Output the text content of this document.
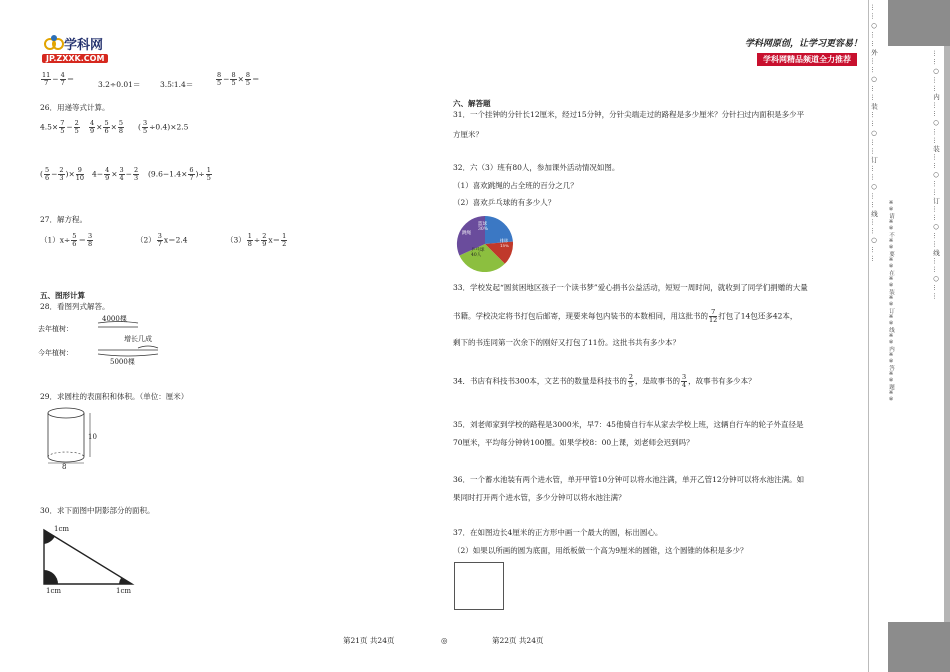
学科网
JP.ZXXK.COM
学科网原创，让学习更容易！
学科网精品频道全力推荐
$\frac{11}{7} - \frac{4}{7}$ ＝
3.2÷0.01＝	3.5∶1.4＝	$\frac{8}{5} - \frac{8}{5} \times \frac{8}{5}$ ＝
26．用递等式计算。
$4.5\times \frac{7}{5} - \frac{2}{5} \frac{4}{9} \times \frac{5}{6} \times \frac{5}{8}$ ( $\frac{3}{5} \div 0.4)\times 2.5$
( $\frac{5}{6} - \frac{2}{3}$ )× $\frac{9}{10} 4- \frac{4}{9} \times \frac{3}{4} - \frac{2}{3} (9.6-1.4\times \frac{6}{7}$ )÷ $\frac{1}{5}$
27．解方程。
$(1)x\div \frac{5}{6} = \frac{3}{8}$	$(2) \frac{3}{7} x=2.4$	$(3) \frac{1}{8} \div \frac{2}{9} x= \frac{1}{2}$
五、图形计算
28．看图列式解答。
去年植树：
4000棵
今年植树：
增长几成
5000棵
29．求圆柱的表面积和体积。（单位：厘米）
10
8
30．求下面图中阴影部分的面积。
1cm
1cm	1cm
六、解答题
31．一个挂钟的分针长12厘米，经过15分钟，分针尖端走过的路程是多少厘米？分针扫过内面积是多少平
方厘米？
32．六（3）班有80人，参加课外活动情况如图。
（1）喜欢跳绳的占全班的百分之几？
（2）喜欢乒乓球的有多少人？
篮球 30%
跳绳
排球 15%
乒乓球 40人
33．学校发起“圆贫困地区孩子一个读书梦”爱心捐书公益活动，短短一周时间，就收到了同学们捐赠的大量
书籍。学校决定将书打包后邮寄，现要来每包内装书的本数相同，用这批书的 $\frac{7}{12}$ 打包了14包还多42本，
剩下的书连同第一次余下的刚好又打包了11份。这批书共有多少本？
34．书店有科技书300本，文艺书的数量是科技书的 $\frac{2}{5}$ ，是故事书的 $\frac{3}{4}$ ，故事书有多少本？
35．刘老师家到学校的路程是3000米，早7：45他骑自行车从家去学校上班，这辆自行车的轮子外直径是
70厘米，平均每分钟转100圈。如果学校8：00上课，刘老师会迟到吗？
36．一个蓄水池装有两个进水管，单开甲管10分钟可以将水池注满，单开乙管12分钟可以将水池注满。如
果同时打开两个进水管，多少分钟可以将水池注满？
37．在如图边长4厘米的正方形中画一个最大的圆，标出圆心。
（2）如果以所画的圆为底面，用纸板做一个高为9厘米的圆锥，这个圆锥的体积是多少？
第21页 共24页	◎	第22页 共24页
……○……外……○……装……○……订……○……线……○……
※※请※※不※※要※※在※※装※※订※※线※※内※※答※※题※※
……○……内……○……装……○……订……○……线……○……
